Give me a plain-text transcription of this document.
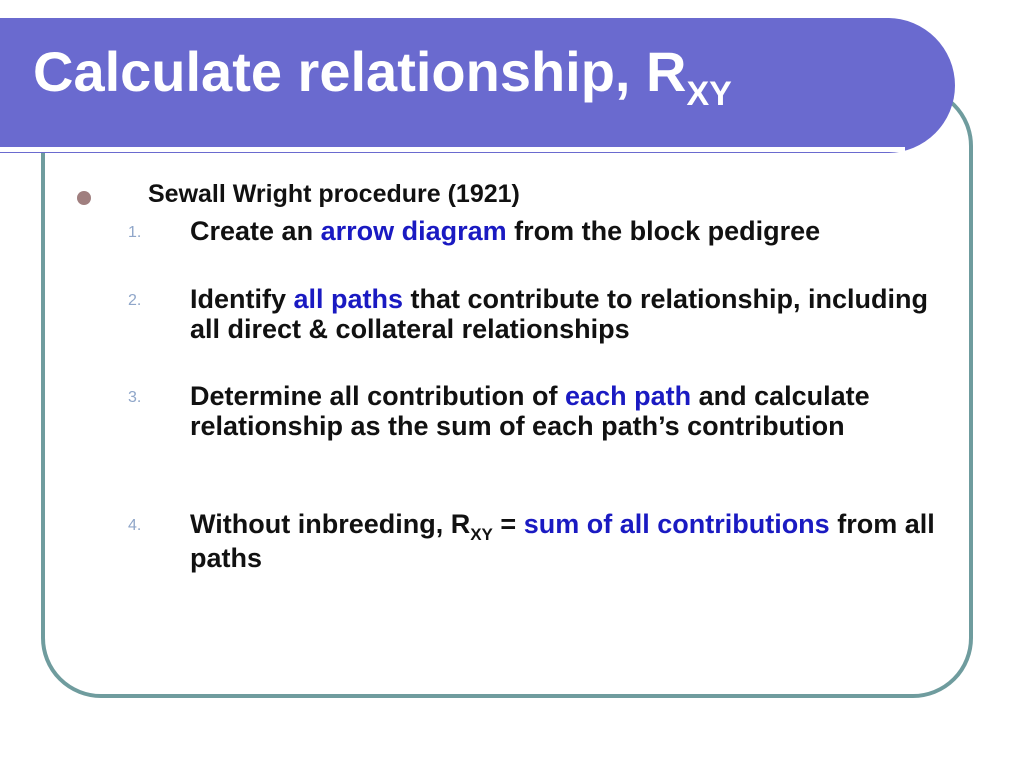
Calculate relationship, $R_{XY}$
Sewall Wright procedure (1921)
1.	Create an arrow diagram from the block pedigree
2.	Identify all paths that contribute to relationship, including all direct & collateral relationships
3.	Determine all contribution of each path and calculate relationship as the sum of each path’s contribution
4.	Without inbreeding, $R_{XY}$ = sum of all contributions from all paths
